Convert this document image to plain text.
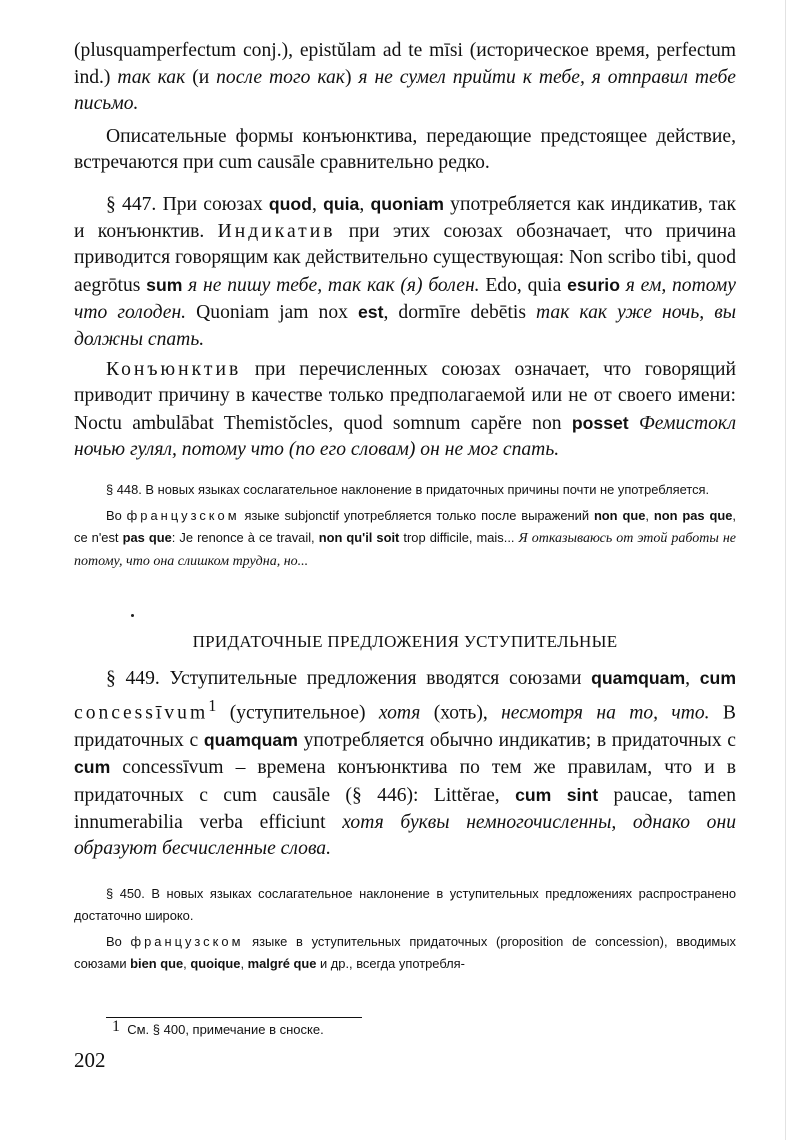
(plusquamperfectum conj.), epistŭlam ad te mīsi (историческое время, perfectum ind.) так как (и после того как) я не сумел прийти к тебе, я отправил тебе письмо.

Описательные формы конъюнктива, передающие предстоящее действие, встречаются при cum causāle сравнительно редко.

§ 447. При союзах quod, quia, quoniam употребляется как индикатив, так и конъюнктив. Индикатив при этих союзах обозначает, что причина приводится говорящим как действительно существующая: Non scribo tibi, quod aegrōtus sum я не пишу тебе, так как (я) болен. Edo, quia esurio я ем, потому что голоден. Quoniam jam nox est, dormīre debētis так как уже ночь, вы должны спать.

Конъюнктив при перечисленных союзах означает, что говорящий приводит причину в качестве только предполагаемой или не от своего имени: Noctu ambulābat Themistŏcles, quod somnum capĕre non posset Фемистокл ночью гулял, потому что (по его словам) он не мог спать.

§ 448. В новых языках сослагательное наклонение в придаточных причины почти не употребляется.

Во французском языке subjonctif употребляется только после выражений non que, non pas que, ce n'est pas que: Je renonce à ce travail, non qu'il soit trop difficile, mais... Я отказываюсь от этой работы не потому, что она слишком трудна, но...

ПРИДАТОЧНЫЕ ПРЕДЛОЖЕНИЯ УСТУПИТЕЛЬНЫЕ

§ 449. Уступительные предложения вводятся союзами quamquam, cum concessīvum$^1$ (уступительное) хотя (хоть), несмотря на то, что. В придаточных с quamquam употребляется обычно индикатив; в придаточных с cum concessīvum – времена конъюнктива по тем же правилам, что и в придаточных с cum causāle (§ 446): Littĕrae, cum sint paucae, tamen innumerabilia verba efficiunt хотя буквы немногочисленны, однако они образуют бесчисленные слова.

§ 450. В новых языках сослагательное наклонение в уступительных предложениях распространено достаточно широко.

Во французском языке в уступительных придаточных (proposition de concession), вводимых союзами bien que, quoique, malgré que и др., всегда употребля-

$^1$ См. § 400, примечание в сноске.
202
